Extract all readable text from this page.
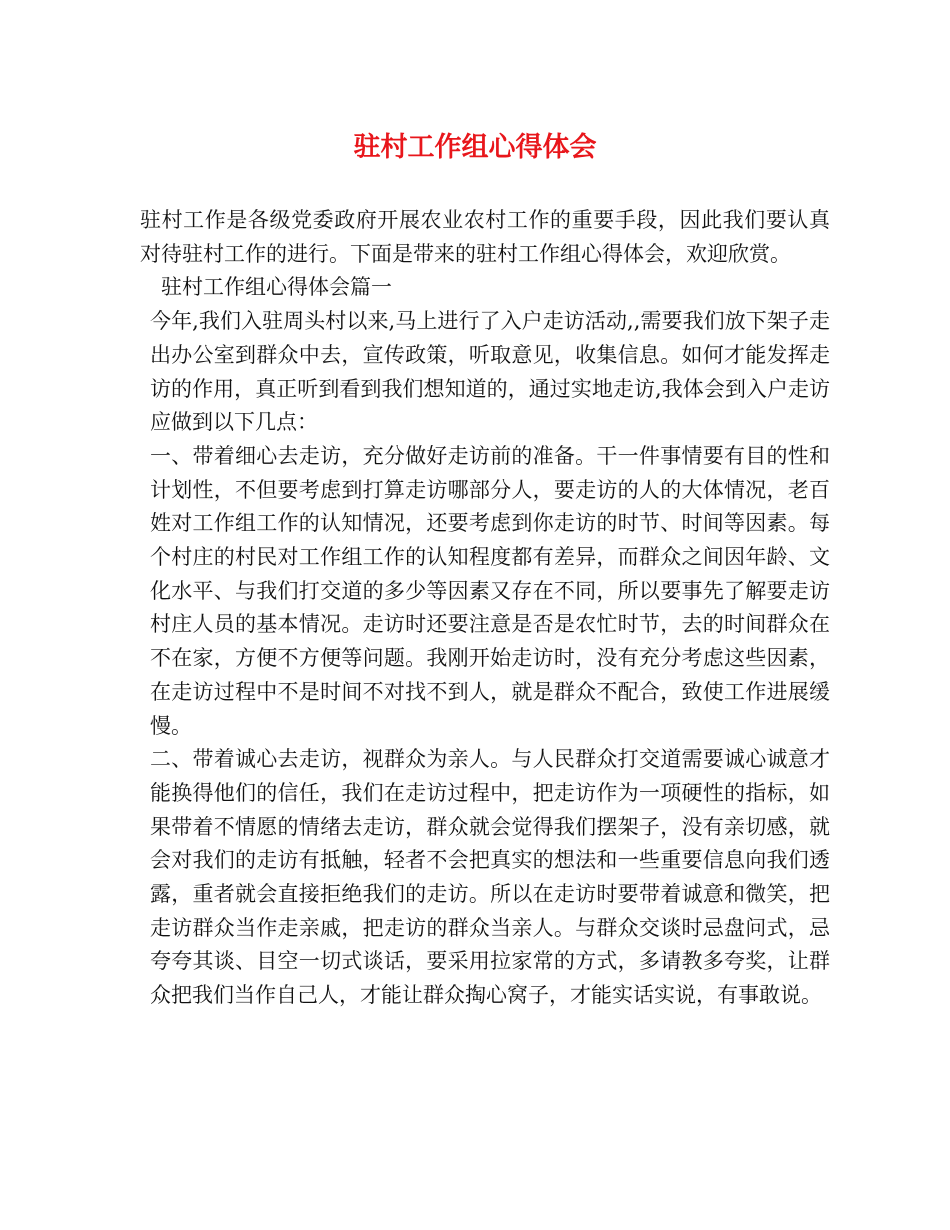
驻村工作组心得体会

驻村工作是各级党委政府开展农业农村工作的重要手段，因此我们要认真对待驻村工作的进行。下面是带来的驻村工作组心得体会，欢迎欣赏。

驻村工作组心得体会篇一

今年,我们入驻周头村以来,马上进行了入户走访活动,,需要我们放下架子走出办公室到群众中去，宣传政策，听取意见，收集信息。如何才能发挥走访的作用，真正听到看到我们想知道的，通过实地走访,我体会到入户走访应做到以下几点：

一、带着细心去走访，充分做好走访前的准备。干一件事情要有目的性和计划性，不但要考虑到打算走访哪部分人，要走访的人的大体情况，老百姓对工作组工作的认知情况，还要考虑到你走访的时节、时间等因素。每个村庄的村民对工作组工作的认知程度都有差异，而群众之间因年龄、文化水平、与我们打交道的多少等因素又存在不同，所以要事先了解要走访村庄人员的基本情况。走访时还要注意是否是农忙时节，去的时间群众在不在家，方便不方便等问题。我刚开始走访时，没有充分考虑这些因素，在走访过程中不是时间不对找不到人，就是群众不配合，致使工作进展缓慢。

二、带着诚心去走访，视群众为亲人。与人民群众打交道需要诚心诚意才能换得他们的信任，我们在走访过程中，把走访作为一项硬性的指标，如果带着不情愿的情绪去走访，群众就会觉得我们摆架子，没有亲切感，就会对我们的走访有抵触，轻者不会把真实的想法和一些重要信息向我们透露，重者就会直接拒绝我们的走访。所以在走访时要带着诚意和微笑，把走访群众当作走亲戚，把走访的群众当亲人。与群众交谈时忌盘问式，忌夸夸其谈、目空一切式谈话，要采用拉家常的方式，多请教多夸奖，让群众把我们当作自己人，才能让群众掏心窝子，才能实话实说，有事敢说。
